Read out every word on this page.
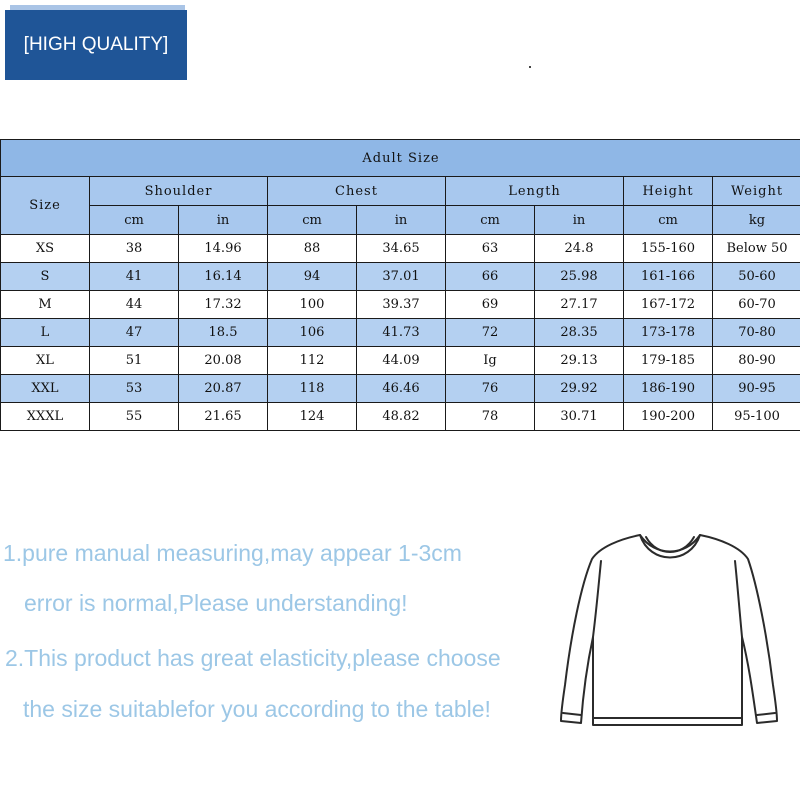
[HIGH QUALITY]
Adult Size								
Size	Shoulder		Chest		Length		Height	Weight
	cm	in	cm	in	cm	in	cm	kg
XS	38	14.96	88	34.65	63	24.8	155-160	Below 50
S	41	16.14	94	37.01	66	25.98	161-166	50-60
M	44	17.32	100	39.37	69	27.17	167-172	60-70
L	47	18.5	106	41.73	72	28.35	173-178	70-80
XL	51	20.08	112	44.09	Ig	29.13	179-185	80-90
XXL	53	20.87	118	46.46	76	29.92	186-190	90-95
XXXL	55	21.65	124	48.82	78	30.71	190-200	95-100
1.pure manual measuring,may appear 1-3cm
error is normal,Please understanding!
2.This product has great elasticity,please choose
the size suitablefor you according to the table!
